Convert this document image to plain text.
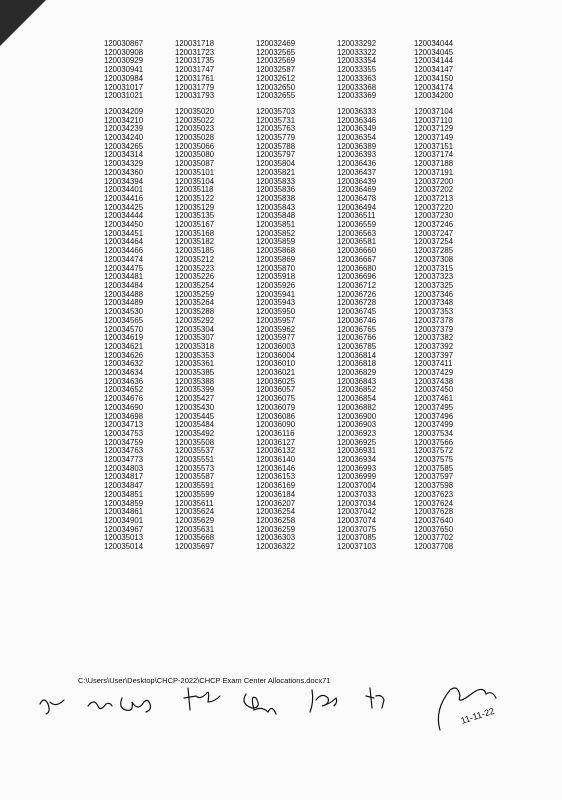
120030867
120030908
120030929
120030941
120030984
120031017
120031021
120034209
120034210
120034239
120034240
120034265
120034314
120034329
120034360
120034394
120034401
120034416
120034425
120034444
120034450
120034451
120034464
120034466
120034474
120034475
120034481
120034484
120034488
120034489
120034530
120034565
120034570
120034619
120034621
120034626
120034632
120034634
120034636
120034652
120034676
120034690
120034698
120034713
120034753
120034759
120034763
120034773
120034803
120034817
120034847
120034851
120034859
120034861
120034901
120034967
120035013
120035014
120031718
120031723
120031735
120031747
120031761
120031779
120031793
120035020
120035022
120035023
120035028
120035066
120035080
120035087
120035101
120035104
120035118
120035122
120035129
120035135
120035167
120035168
120035182
120035185
120035212
120035223
120035226
120035254
120035259
120035264
120035288
120035292
120035304
120035307
120035318
120035353
120035361
120035385
120035388
120035399
120035427
120035430
120035445
120035484
120035492
120035508
120035537
120035551
120035573
120035587
120035591
120035599
120035611
120035624
120035629
120035631
120035668
120035697
120032469
120032565
120032569
120032587
120032612
120032650
120032655
120035703
120035731
120035763
120035779
120035788
120035797
120035804
120035821
120035833
120035836
120035838
120035843
120035848
120035851
120035852
120035859
120035868
120035869
120035870
120035918
120035926
120035941
120035943
120035950
120035957
120035962
120035977
120036003
120036004
120036010
120036021
120036025
120036057
120036075
120036079
120036086
120036090
120036116
120036127
120036132
120036140
120036146
120036153
120036169
120036184
120036207
120036254
120036258
120036259
120036303
120036322
120033292
120033322
120033354
120033355
120033363
120033368
120033369
120036333
120036346
120036349
120036354
120036389
120036393
120036436
120036437
120036439
120036469
120036478
120036494
120036511
120036559
120036563
120036581
120036660
120036667
120036680
120036696
120036712
120036726
120036728
120036745
120036746
120036765
120036766
120036785
120036814
120036818
120036829
120036843
120036852
120036854
120036882
120036900
120036903
120036923
120036925
120036931
120036934
120036993
120036999
120037004
120037033
120037034
120037042
120037074
120037075
120037085
120037103
120034044
120034045
120034144
120034147
120034150
120034174
120034200
120037104
120037110
120037129
120037149
120037151
120037174
120037188
120037191
120037200
120037202
120037213
120037220
120037230
120037246
120037247
120037254
120037285
120037308
120037315
120037323
120037325
120037346
120037348
120037353
120037378
120037379
120037382
120037392
120037397
120037411
120037429
120037438
120037450
120037461
120037495
120037496
120037499
120037534
120037566
120037572
120037575
120037585
120037597
120037598
120037623
120037624
120037628
120037640
120037650
120037702
120037708
C:\Users\User\Desktop\CHCP-2022\CHCP Exam Center Allocations.docx71
11-11-22
